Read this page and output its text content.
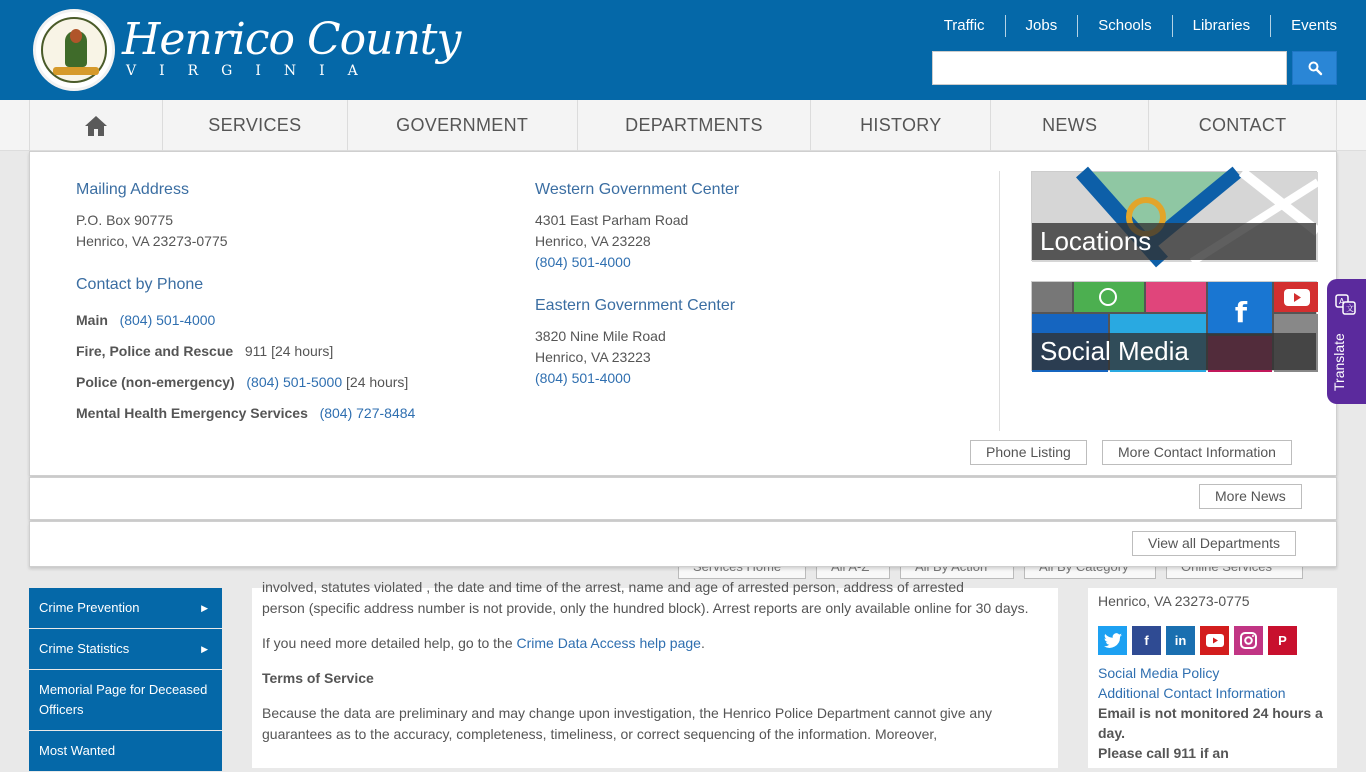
Henrico County
VIRGINIA
Traffic	Jobs	Schools	Libraries	Events
SERVICES	GOVERNMENT	DEPARTMENTS	HISTORY	NEWS	CONTACT
Crime Prevention	▶
Crime Statistics	▶
Memorial Page for Deceased Officers
Most Wanted

involved, statutes violated , the date and time of the arrest, name and age of arrested person, address of arrested

person (specific address number is not provide, only the hundred block). Arrest reports are only available online for 30 days.

If you need more detailed help, go to the Crime Data Access help page.

Terms of Service

Because the data are preliminary and may change upon investigation, the Henrico Police Department cannot give any guarantees as to the accuracy, completeness, timeliness, or correct sequencing of the information. Moreover,

Henrico, VA 23273-0775
f	in	P
Social Media Policy
Additional Contact Information
Email is not monitored 24 hours a day.
Please call 911 if an
Mailing Address
P.O. Box 90775
Henrico, VA 23273-0775
Contact by Phone
Main (804) 501-4000
Fire, Police and Rescue 911 [24 hours]
Police (non-emergency) (804) 501-5000 [24 hours]
Mental Health Emergency Services (804) 727-8484
Western Government Center
4301 East Parham Road
Henrico, VA 23228
(804) 501-4000
Eastern Government Center
3820 Nine Mile Road
Henrico, VA 23223
(804) 501-4000
Locations
f
Social Media
Phone Listing	More Contact Information
More News
View all Departments
A
文
Translate
